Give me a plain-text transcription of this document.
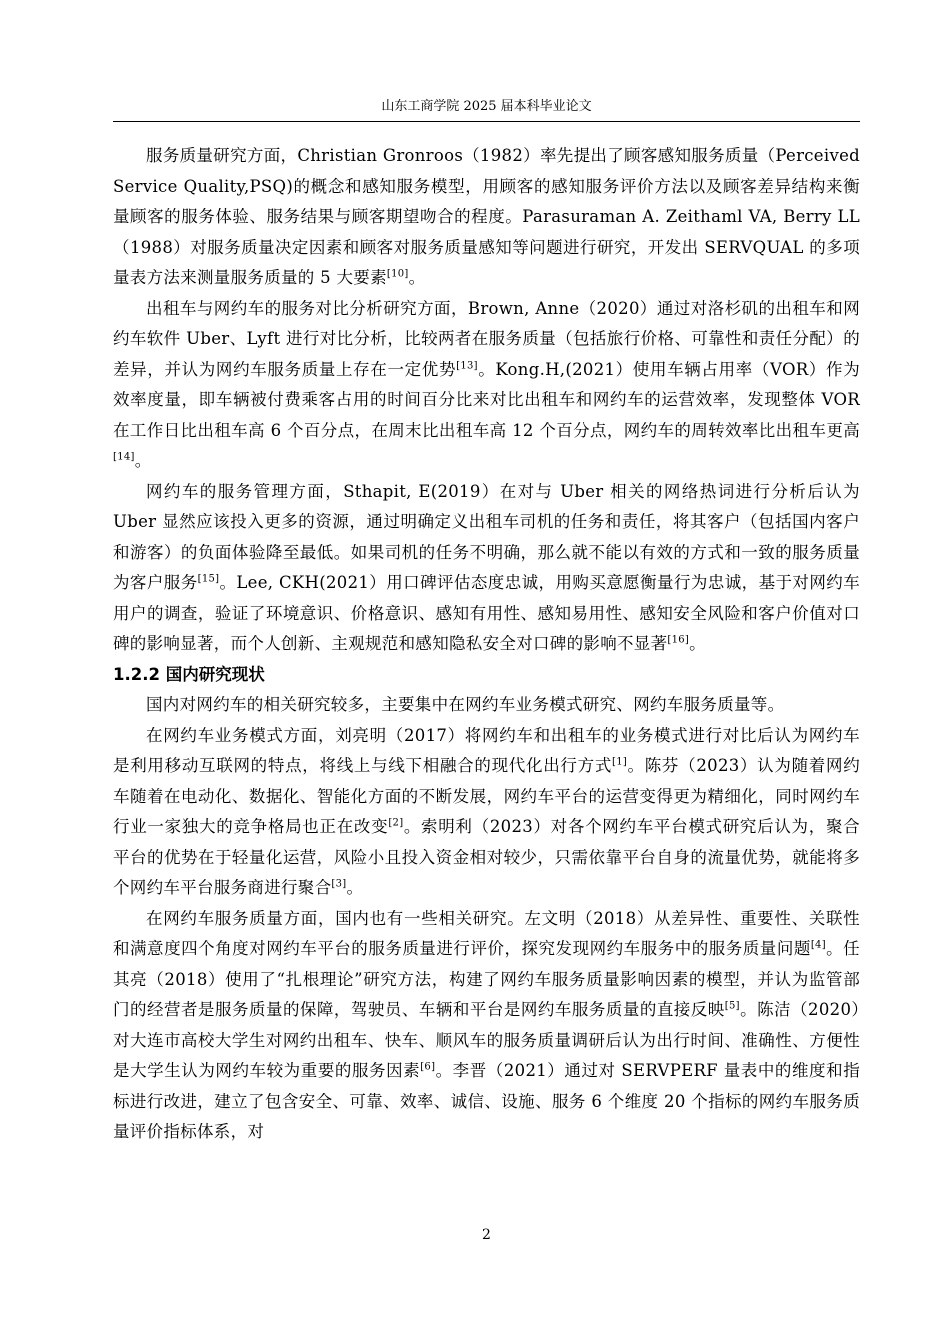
山东工商学院 2025 届本科毕业论文

服务质量研究方面，Christian Gronroos（1982）率先提出了顾客感知服务质量（Perceived Service Quality,PSQ)的概念和感知服务模型，用顾客的感知服务评价方法以及顾客差异结构来衡量顾客的服务体验、服务结果与顾客期望吻合的程度。Parasuraman A. Zeithaml VA, Berry LL（1988）对服务质量决定因素和顾客对服务质量感知等问题进行研究，开发出 SERVQUAL 的多项量表方法来测量服务质量的 5 大要素[10]。

出租车与网约车的服务对比分析研究方面，Brown, Anne（2020）通过对洛杉矶的出租车和网约车软件 Uber、Lyft 进行对比分析，比较两者在服务质量（包括旅行价格、可靠性和责任分配）的差异，并认为网约车服务质量上存在一定优势[13]。Kong.H,(2021）使用车辆占用率（VOR）作为效率度量，即车辆被付费乘客占用的时间百分比来对比出租车和网约车的运营效率，发现整体 VOR 在工作日比出租车高 6 个百分点，在周末比出租车高 12 个百分点，网约车的周转效率比出租车更高[14]。

网约车的服务管理方面，Sthapit, E(2019）在对与 Uber 相关的网络热词进行分析后认为 Uber 显然应该投入更多的资源，通过明确定义出租车司机的任务和责任，将其客户（包括国内客户和游客）的负面体验降至最低。如果司机的任务不明确，那么就不能以有效的方式和一致的服务质量为客户服务[15]。Lee, CKH(2021）用口碑评估态度忠诚，用购买意愿衡量行为忠诚，基于对网约车用户的调查，验证了环境意识、价格意识、感知有用性、感知易用性、感知安全风险和客户价值对口碑的影响显著，而个人创新、主观规范和感知隐私安全对口碑的影响不显著[16]。

1.2.2 国内研究现状

国内对网约车的相关研究较多，主要集中在网约车业务模式研究、网约车服务质量等。

在网约车业务模式方面，刘亮明（2017）将网约车和出租车的业务模式进行对比后认为网约车是利用移动互联网的特点，将线上与线下相融合的现代化出行方式[1]。陈芬（2023）认为随着网约车随着在电动化、数据化、智能化方面的不断发展，网约车平台的运营变得更为精细化，同时网约车行业一家独大的竞争格局也正在改变[2]。索明利（2023）对各个网约车平台模式研究后认为，聚合平台的优势在于轻量化运营，风险小且投入资金相对较少，只需依靠平台自身的流量优势，就能将多个网约车平台服务商进行聚合[3]。

在网约车服务质量方面，国内也有一些相关研究。左文明（2018）从差异性、重要性、关联性和满意度四个角度对网约车平台的服务质量进行评价，探究发现网约车服务中的服务质量问题[4]。任其亮（2018）使用了“扎根理论”研究方法，构建了网约车服务质量影响因素的模型，并认为监管部门的经营者是服务质量的保障，驾驶员、车辆和平台是网约车服务质量的直接反映[5]。陈洁（2020）对大连市高校大学生对网约出租车、快车、顺风车的服务质量调研后认为出行时间、准确性、方便性是大学生认为网约车较为重要的服务因素[6]。李晋（2021）通过对 SERVPERF 量表中的维度和指标进行改进，建立了包含安全、可靠、效率、诚信、设施、服务 6 个维度 20 个指标的网约车服务质量评价指标体系，对

2
